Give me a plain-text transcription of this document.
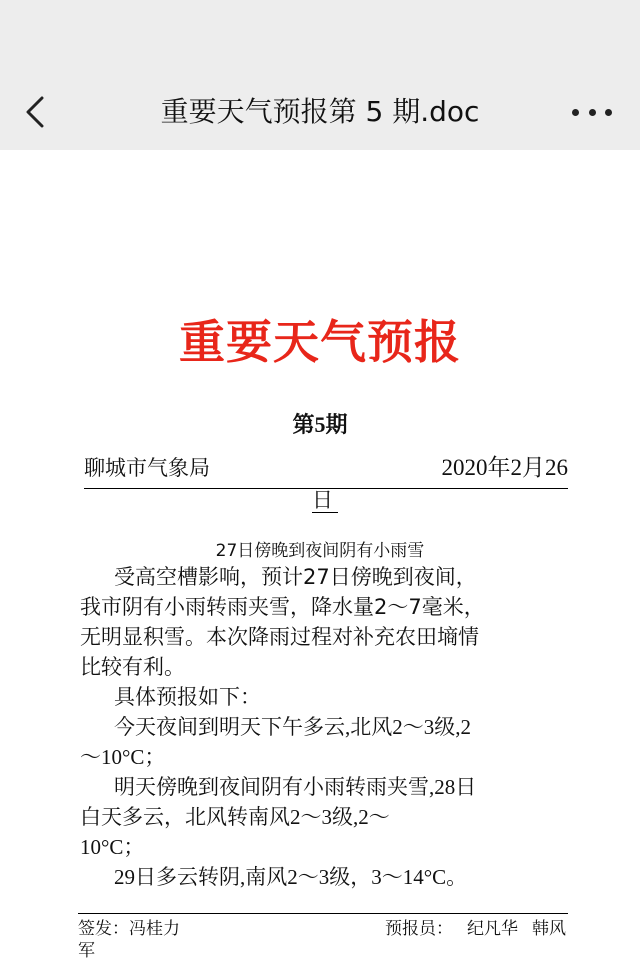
重要天气预报第 5 期.doc
重要天气预报
第5期
聊城市气象局	2020年2月26
日
27日傍晚到夜间阴有小雨雪

受高空槽影响，预计27日傍晚到夜间，

我市阴有小雨转雨夹雪，降水量2～7毫米，

无明显积雪。本次降雨过程对补充农田墒情

比较有利。

具体预报如下：

今天夜间到明天下午多云,北风2～3级,2

～10°C；

明天傍晚到夜间阴有小雨转雨夹雪,28日

白天多云，北风转南风2～3级,2～

10°C；

29日多云转阴,南风2～3级，3～14°C。

签发：冯桂力
军
预报员： 纪凡华 韩风
